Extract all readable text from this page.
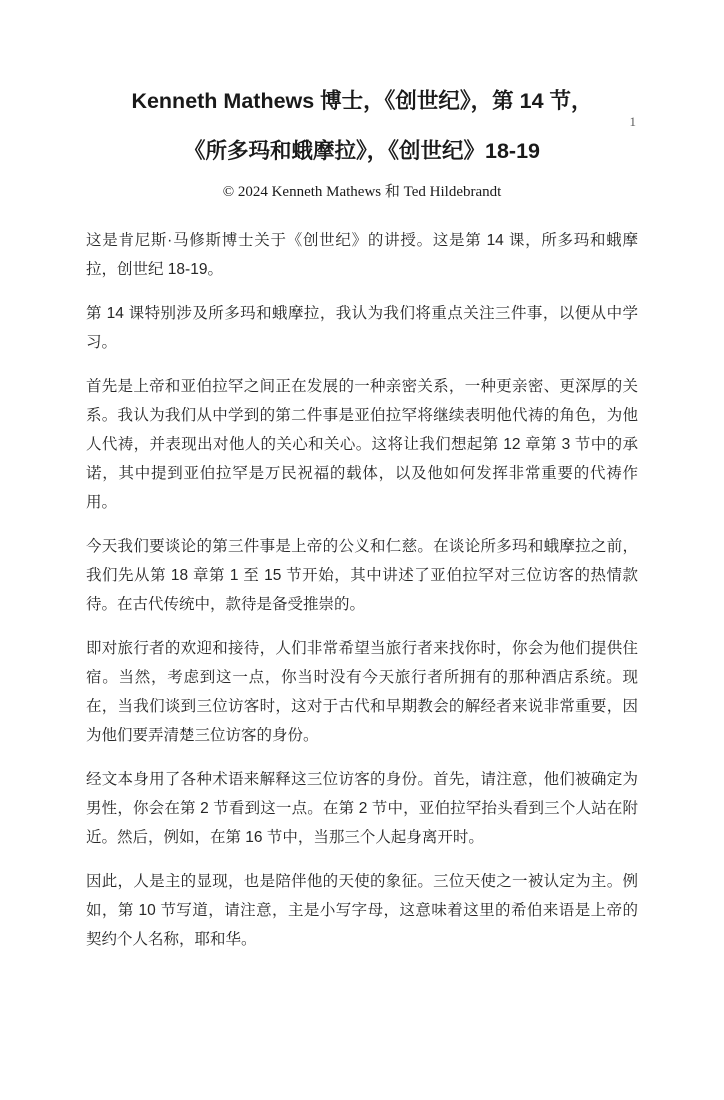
1
Kenneth Mathews 博士，《创世纪》，第 14 节，
《所多玛和蛾摩拉》，《创世纪》18-19
© 2024 Kenneth Mathews 和 Ted Hildebrandt

这是肯尼斯·马修斯博士关于《创世纪》的讲授。这是第 14 课，所多玛和蛾摩拉，创世纪 18-19。

第 14 课特别涉及所多玛和蛾摩拉，我认为我们将重点关注三件事，以便从中学习。

首先是上帝和亚伯拉罕之间正在发展的一种亲密关系，一种更亲密、更深厚的关系。我认为我们从中学到的第二件事是亚伯拉罕将继续表明他代祷的角色，为他人代祷，并表现出对他人的关心和关心。这将让我们想起第 12 章第 3 节中的承诺，其中提到亚伯拉罕是万民祝福的载体，以及他如何发挥非常重要的代祷作用。

今天我们要谈论的第三件事是上帝的公义和仁慈。在谈论所多玛和蛾摩拉之前，我们先从第 18 章第 1 至 15 节开始，其中讲述了亚伯拉罕对三位访客的热情款待。在古代传统中，款待是备受推崇的。

即对旅行者的欢迎和接待，人们非常希望当旅行者来找你时，你会为他们提供住宿。当然，考虑到这一点，你当时没有今天旅行者所拥有的那种酒店系统。现在，当我们谈到三位访客时，这对于古代和早期教会的解经者来说非常重要，因为他们要弄清楚三位访客的身份。

经文本身用了各种术语来解释这三位访客的身份。首先，请注意，他们被确定为男性，你会在第 2 节看到这一点。在第 2 节中，亚伯拉罕抬头看到三个人站在附近。然后，例如，在第 16 节中，当那三个人起身离开时。

因此，人是主的显现，也是陪伴他的天使的象征。三位天使之一被认定为主。例如，第 10 节写道，请注意，主是小写字母，这意味着这里的希伯来语是上帝的契约个人名称，耶和华。
